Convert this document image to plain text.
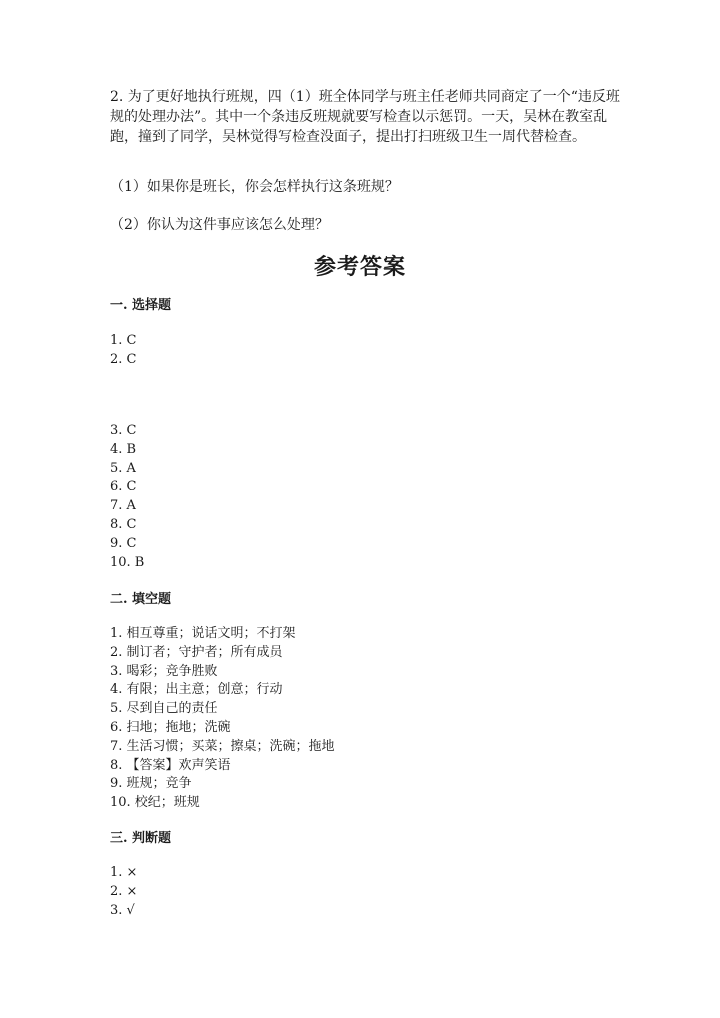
2. 为了更好地执行班规，四（1）班全体同学与班主任老师共同商定了一个“违反班规的处理办法”。其中一个条违反班规就要写检查以示惩罚。一天，吴林在教室乱跑，撞到了同学，吴林觉得写检查没面子，提出打扫班级卫生一周代替检查。

（1）如果你是班长，你会怎样执行这条班规？

（2）你认为这件事应该怎么处理？

参考答案
一. 选择题
1. C
2. C
3. C
4. B
5. A
6. C
7. A
8. C
9. C
10. B
二. 填空题
1. 相互尊重；说话文明；不打架
2. 制订者；守护者；所有成员
3. 喝彩；竞争胜败
4. 有限；出主意；创意；行动
5. 尽到自己的责任
6. 扫地；拖地；洗碗
7. 生活习惯；买菜；擦桌；洗碗；拖地
8. 【答案】欢声笑语
9. 班规；竞争
10. 校纪；班规
三. 判断题
1. ×
2. ×
3. √
